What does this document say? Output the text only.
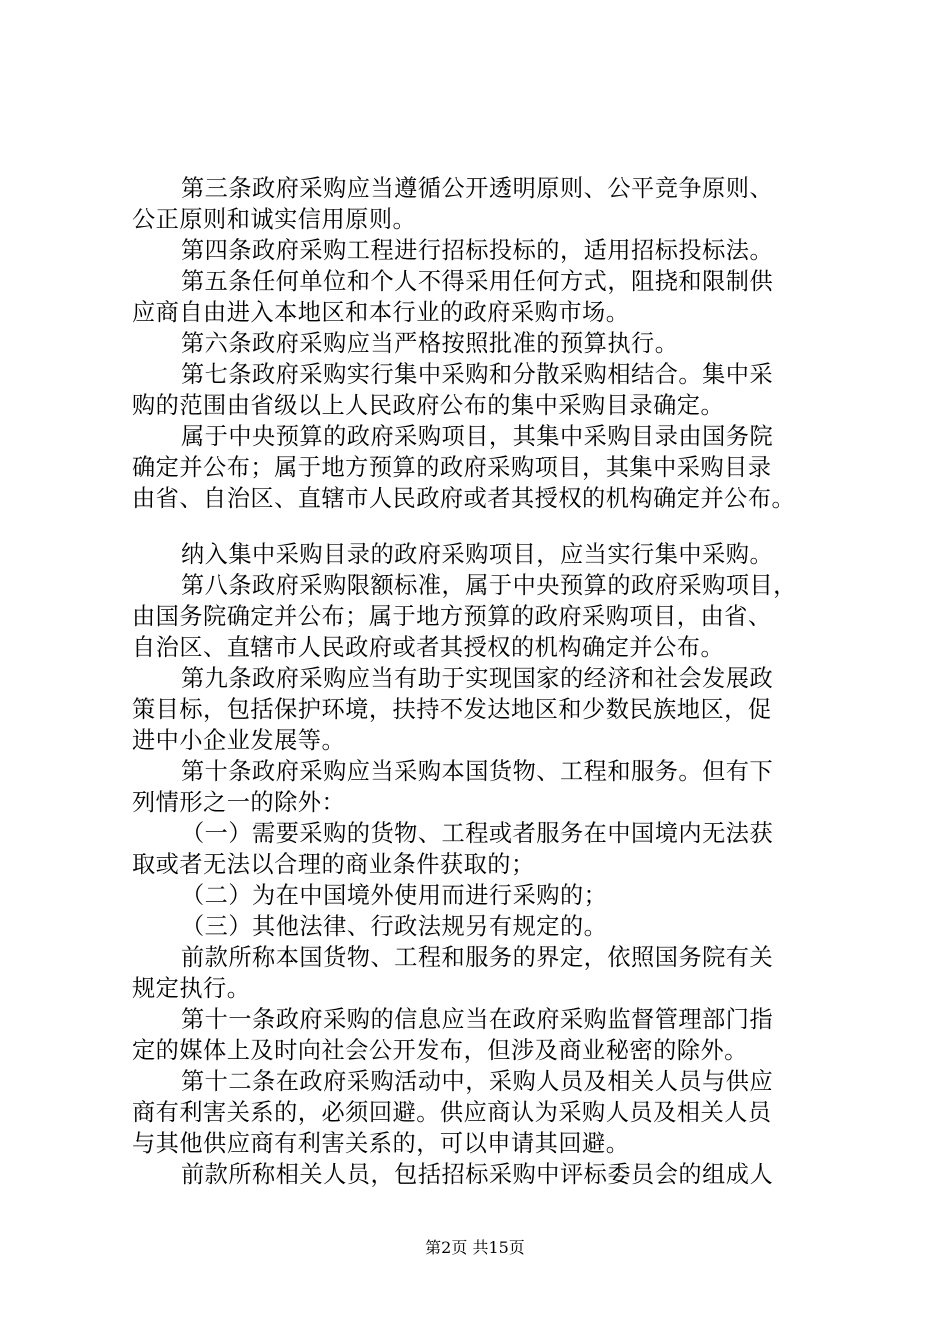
第三条政府采购应当遵循公开透明原则、公平竞争原则、
公正原则和诚实信用原则。
第四条政府采购工程进行招标投标的，适用招标投标法。
第五条任何单位和个人不得采用任何方式，阻挠和限制供
应商自由进入本地区和本行业的政府采购市场。
第六条政府采购应当严格按照批准的预算执行。
第七条政府采购实行集中采购和分散采购相结合。集中采
购的范围由省级以上人民政府公布的集中采购目录确定。
属于中央预算的政府采购项目，其集中采购目录由国务院
确定并公布；属于地方预算的政府采购项目，其集中采购目录
由省、自治区、直辖市人民政府或者其授权的机构确定并公布。
纳入集中采购目录的政府采购项目，应当实行集中采购。
第八条政府采购限额标准，属于中央预算的政府采购项目，
由国务院确定并公布；属于地方预算的政府采购项目，由省、
自治区、直辖市人民政府或者其授权的机构确定并公布。
第九条政府采购应当有助于实现国家的经济和社会发展政
策目标，包括保护环境，扶持不发达地区和少数民族地区，促
进中小企业发展等。
第十条政府采购应当采购本国货物、工程和服务。但有下
列情形之一的除外：
（一）需要采购的货物、工程或者服务在中国境内无法获
取或者无法以合理的商业条件获取的；
（二）为在中国境外使用而进行采购的；
（三）其他法律、行政法规另有规定的。
前款所称本国货物、工程和服务的界定，依照国务院有关
规定执行。
第十一条政府采购的信息应当在政府采购监督管理部门指
定的媒体上及时向社会公开发布，但涉及商业秘密的除外。
第十二条在政府采购活动中，采购人员及相关人员与供应
商有利害关系的，必须回避。供应商认为采购人员及相关人员
与其他供应商有利害关系的，可以申请其回避。
前款所称相关人员，包括招标采购中评标委员会的组成人
第2页 共15页
